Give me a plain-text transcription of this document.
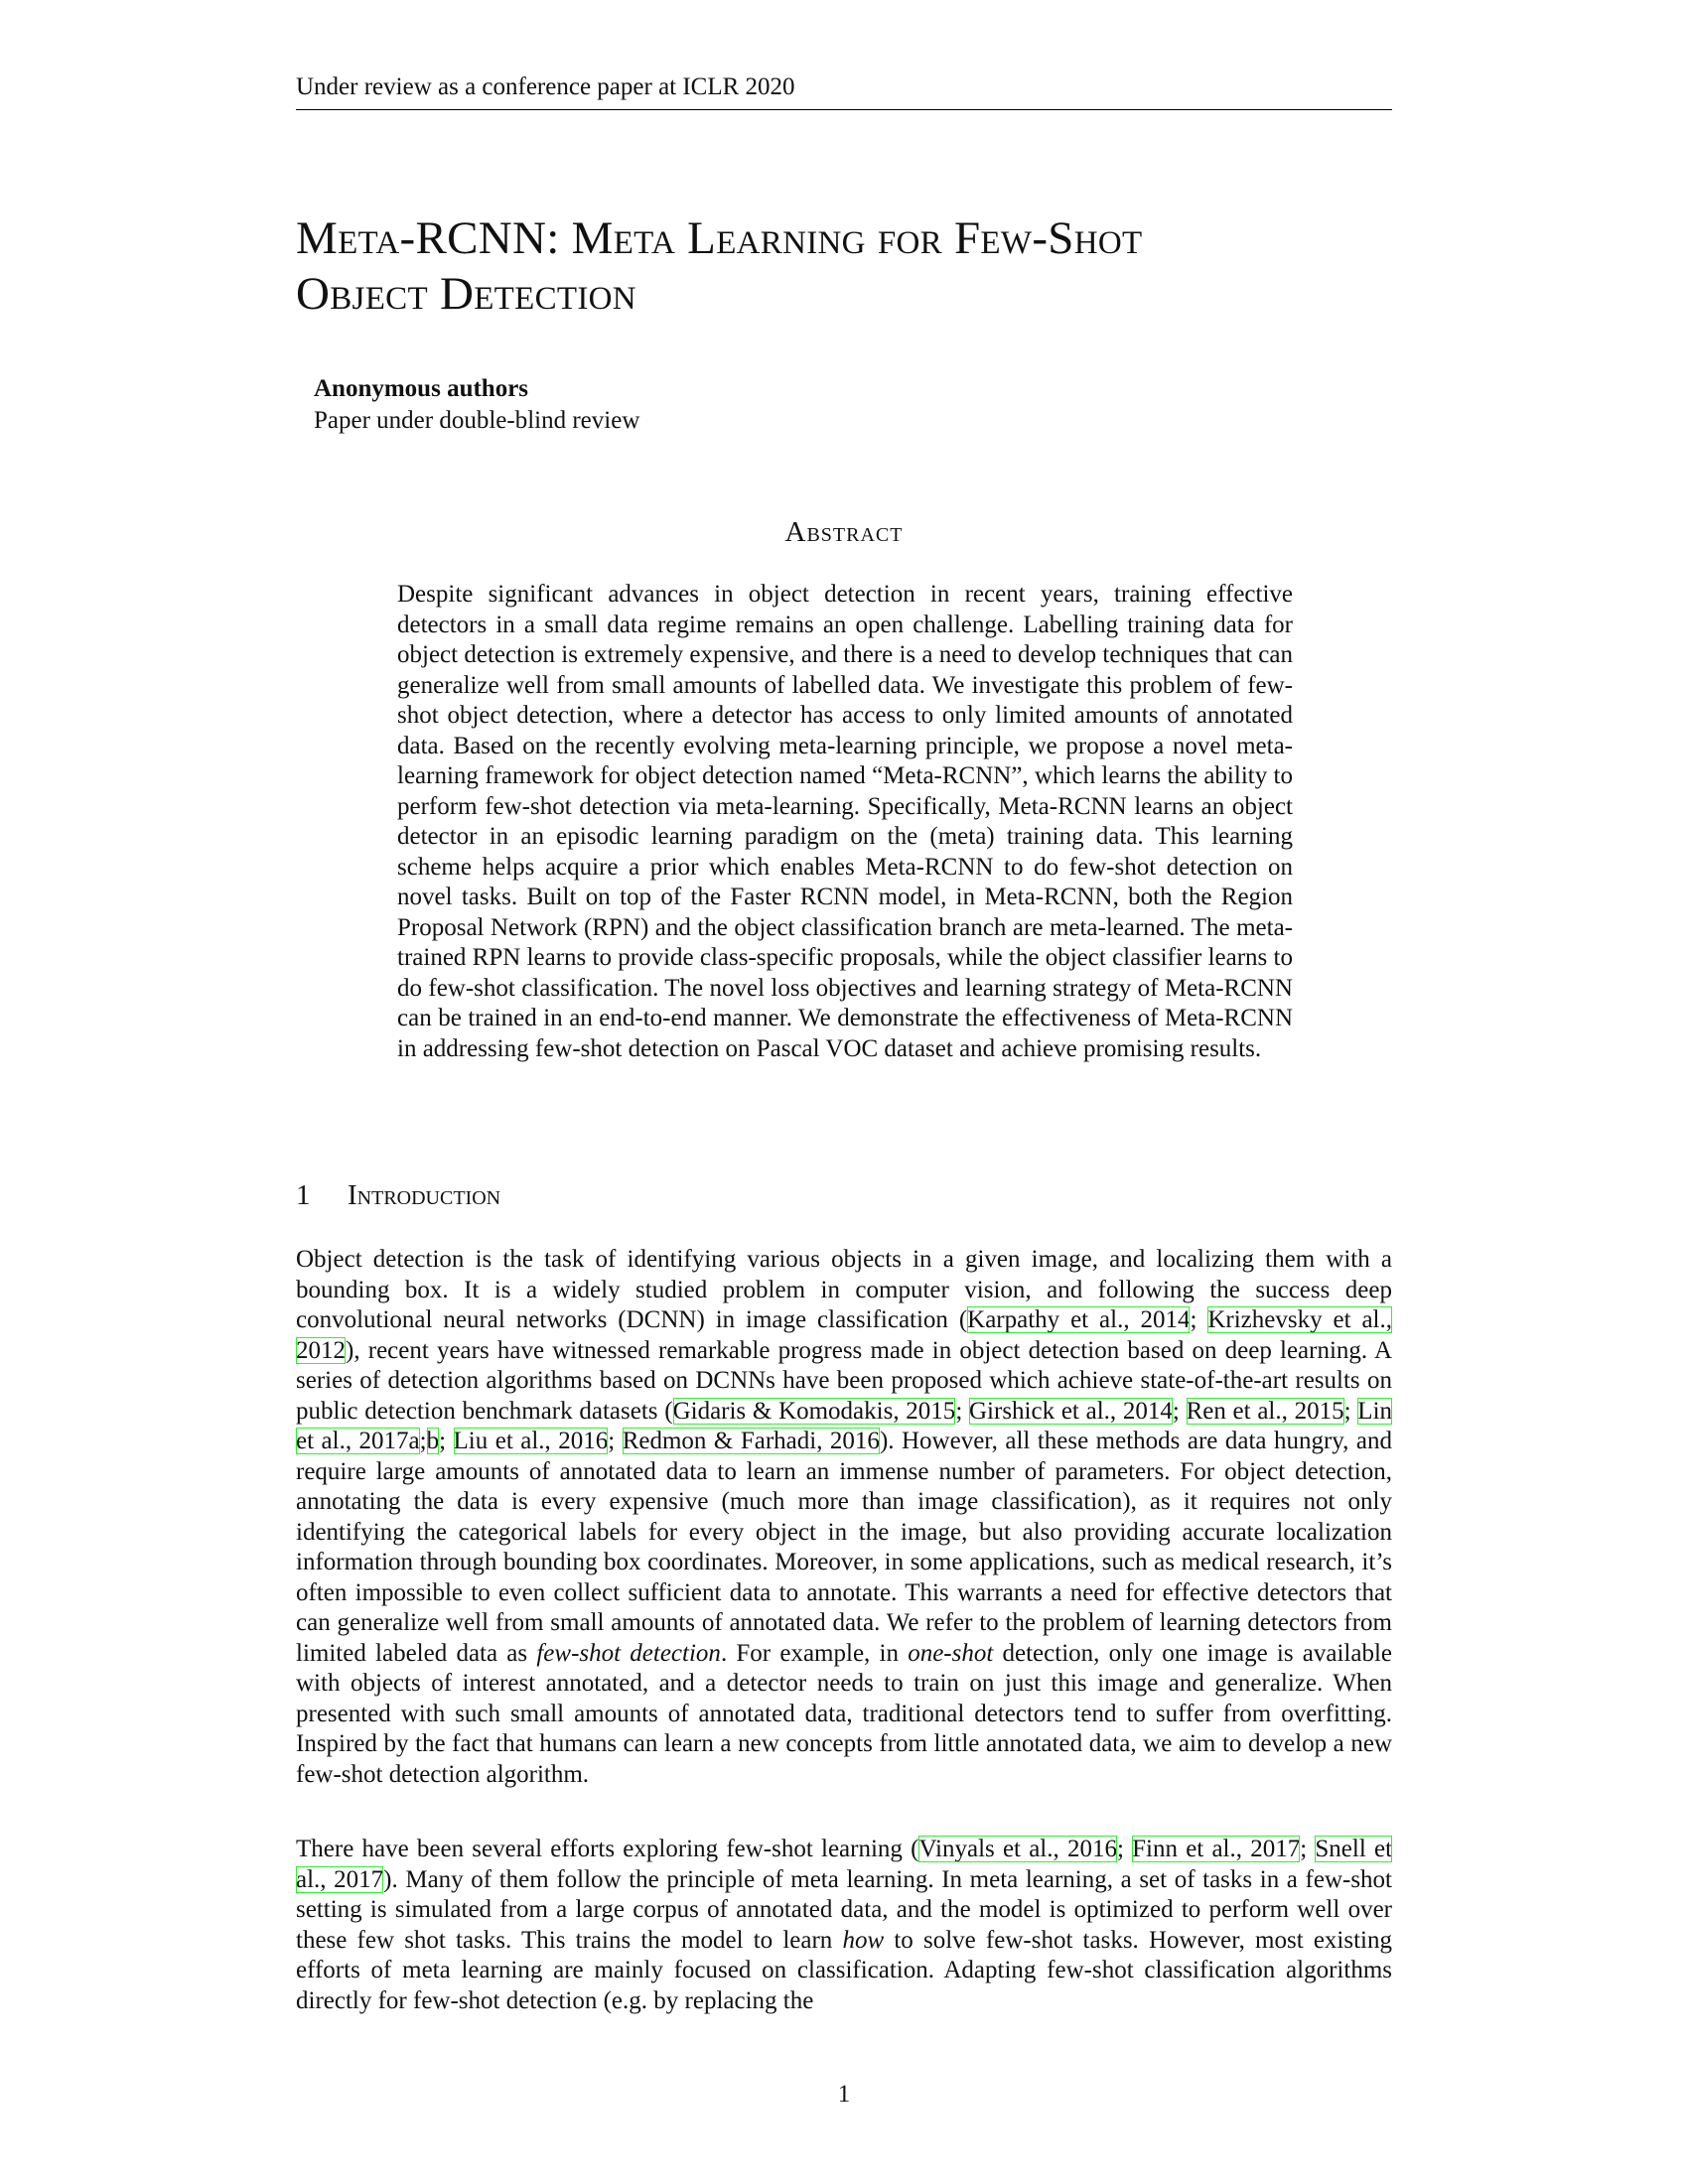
Under review as a conference paper at ICLR 2020
Meta-RCNN: Meta Learning for Few-Shot
Object Detection
Anonymous authors
Paper under double-blind review
Abstract
Despite significant advances in object detection in recent years, training effective detectors in a small data regime remains an open challenge. Labelling training data for object detection is extremely expensive, and there is a need to develop techniques that can generalize well from small amounts of labelled data. We investigate this problem of few-shot object detection, where a detector has access to only limited amounts of annotated data. Based on the recently evolving meta-learning principle, we propose a novel meta-learning framework for object detection named “Meta-RCNN”, which learns the ability to perform few-shot detection via meta-learning. Specifically, Meta-RCNN learns an object detector in an episodic learning paradigm on the (meta) training data. This learning scheme helps acquire a prior which enables Meta-RCNN to do few-shot detection on novel tasks. Built on top of the Faster RCNN model, in Meta-RCNN, both the Region Proposal Network (RPN) and the object classification branch are meta-learned. The meta-trained RPN learns to provide class-specific proposals, while the object classifier learns to do few-shot classification. The novel loss objectives and learning strategy of Meta-RCNN can be trained in an end-to-end manner. We demonstrate the effectiveness of Meta-RCNN in addressing few-shot detection on Pascal VOC dataset and achieve promising results.
1 Introduction
Object detection is the task of identifying various objects in a given image, and localizing them with a bounding box. It is a widely studied problem in computer vision, and following the success deep convolutional neural networks (DCNN) in image classification (Karpathy et al., 2014; Krizhevsky et al., 2012), recent years have witnessed remarkable progress made in object detection based on deep learning. A series of detection algorithms based on DCNNs have been proposed which achieve state-of-the-art results on public detection benchmark datasets (Gidaris & Komodakis, 2015; Girshick et al., 2014; Ren et al., 2015; Lin et al., 2017a;b; Liu et al., 2016; Redmon & Farhadi, 2016). However, all these methods are data hungry, and require large amounts of annotated data to learn an immense number of parameters. For object detection, annotating the data is every expensive (much more than image classification), as it requires not only identifying the categorical labels for every object in the image, but also providing accurate localization information through bounding box coordinates. Moreover, in some applications, such as medical research, it’s often impossible to even collect sufficient data to annotate. This warrants a need for effective detectors that can generalize well from small amounts of annotated data. We refer to the problem of learning detectors from limited labeled data as few-shot detection. For example, in one-shot detection, only one image is available with objects of interest annotated, and a detector needs to train on just this image and generalize. When presented with such small amounts of annotated data, traditional detectors tend to suffer from overfitting. Inspired by the fact that humans can learn a new concepts from little annotated data, we aim to develop a new few-shot detection algorithm.
There have been several efforts exploring few-shot learning (Vinyals et al., 2016; Finn et al., 2017; Snell et al., 2017). Many of them follow the principle of meta learning. In meta learning, a set of tasks in a few-shot setting is simulated from a large corpus of annotated data, and the model is optimized to perform well over these few shot tasks. This trains the model to learn how to solve few-shot tasks. However, most existing efforts of meta learning are mainly focused on classification. Adapting few-shot classification algorithms directly for few-shot detection (e.g. by replacing the
1
